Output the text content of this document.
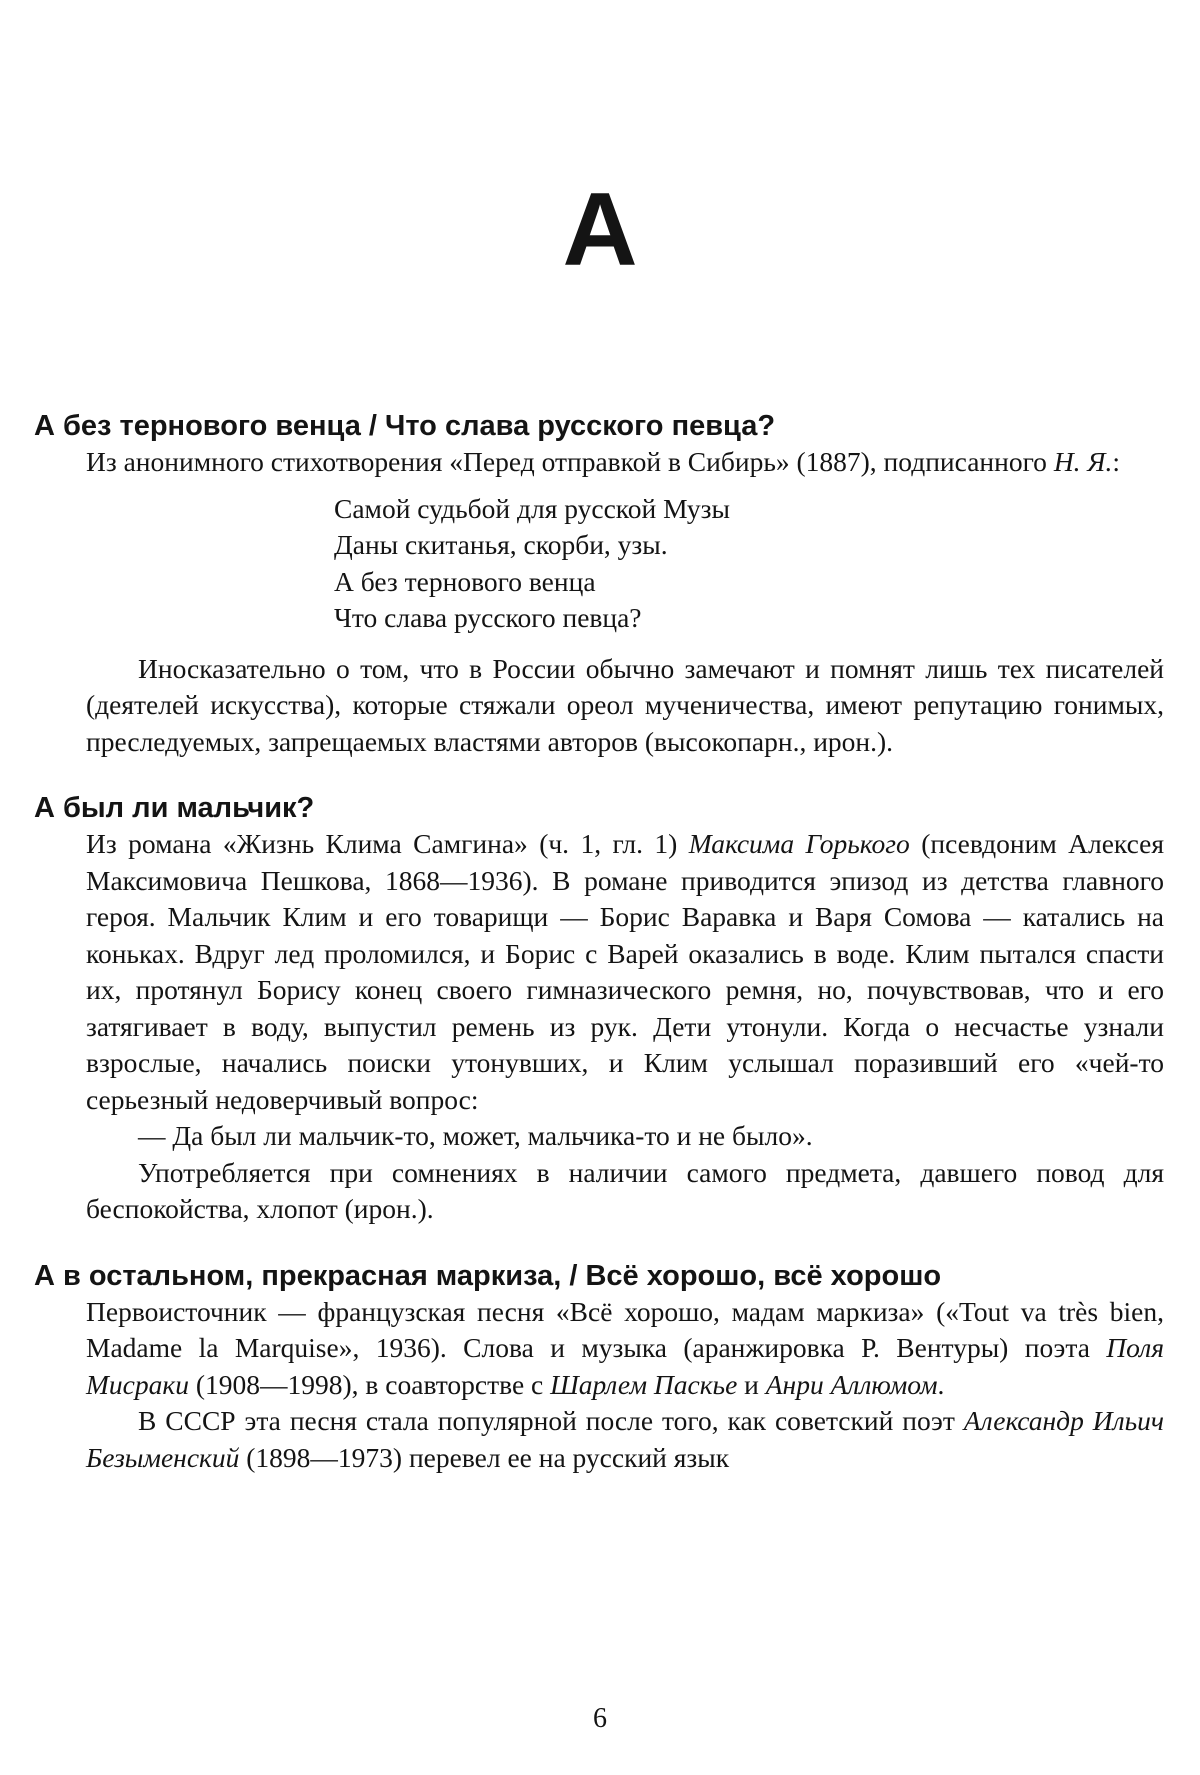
А
А без тернового венца / Что слава русского певца?

Из анонимного стихотворения «Перед отправкой в Сибирь» (1887), подписанного Н. Я.:

Самой судьбой для русской Музы
Даны скитанья, скорби, узы.
А без тернового венца
Что слава русского певца?

Иносказательно о том, что в России обычно замечают и помнят лишь тех писателей (деятелей искусства), которые стяжали ореол мученичества, имеют репутацию гонимых, преследуемых, запрещаемых властями авторов (высокопарн., ирон.).

А был ли мальчик?

Из романа «Жизнь Клима Самгина» (ч. 1, гл. 1) Максима Горького (псевдоним Алексея Максимовича Пешкова, 1868—1936). В романе приводится эпизод из детства главного героя. Мальчик Клим и его товарищи — Борис Варавка и Варя Сомова — катались на коньках. Вдруг лед проломился, и Борис с Варей оказались в воде. Клим пытался спасти их, протянул Борису конец своего гимназического ремня, но, почувствовав, что и его затягивает в воду, выпустил ремень из рук. Дети утонули. Когда о несчастье узнали взрослые, начались поиски утонувших, и Клим услышал поразивший его «чей-то серьезный недоверчивый вопрос:

— Да был ли мальчик-то, может, мальчика-то и не было».

Употребляется при сомнениях в наличии самого предмета, давшего повод для беспокойства, хлопот (ирон.).

А в остальном, прекрасная маркиза, / Всё хорошо, всё хорошо

Первоисточник — французская песня «Всё хорошо, мадам маркиза» («Tout va très bien, Madame la Marquise», 1936). Слова и музыка (аранжировка Р. Вентуры) поэта Поля Мисраки (1908—1998), в соавторстве с Шарлем Паскье и Анри Аллюмом.

В СССР эта песня стала популярной после того, как советский поэт Александр Ильич Безыменский (1898—1973) перевел ее на русский язык

6
